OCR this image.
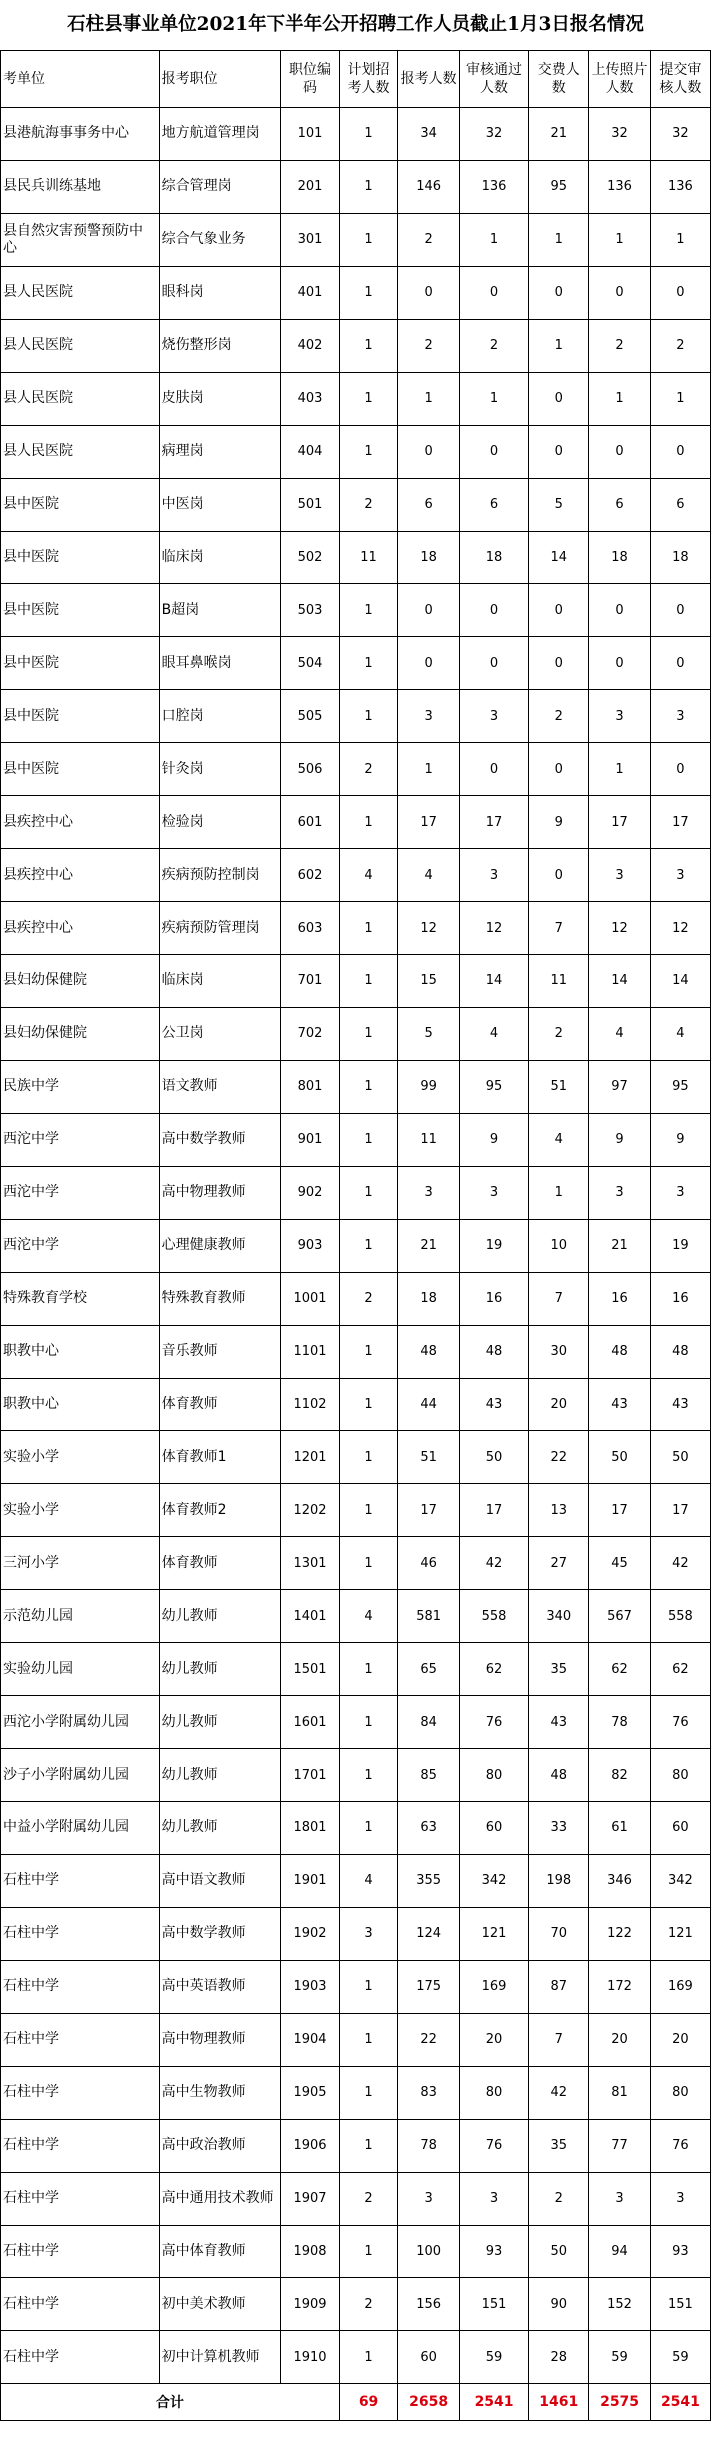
石柱县事业单位2021年下半年公开招聘工作人员截止1月3日报名情况
考单位	报考职位	职位编码	计划招考人数	报考人数	审核通过人数	交费人数	上传照片人数	提交审核人数
县港航海事事务中心	地方航道管理岗	101	1	34	32	21	32	32
县民兵训练基地	综合管理岗	201	1	146	136	95	136	136
县自然灾害预警预防中心	综合气象业务	301	1	2	1	1	1	1
县人民医院	眼科岗	401	1	0	0	0	0	0
县人民医院	烧伤整形岗	402	1	2	2	1	2	2
县人民医院	皮肤岗	403	1	1	1	0	1	1
县人民医院	病理岗	404	1	0	0	0	0	0
县中医院	中医岗	501	2	6	6	5	6	6
县中医院	临床岗	502	11	18	18	14	18	18
县中医院	B超岗	503	1	0	0	0	0	0
县中医院	眼耳鼻喉岗	504	1	0	0	0	0	0
县中医院	口腔岗	505	1	3	3	2	3	3
县中医院	针灸岗	506	2	1	0	0	1	0
县疾控中心	检验岗	601	1	17	17	9	17	17
县疾控中心	疾病预防控制岗	602	4	4	3	0	3	3
县疾控中心	疾病预防管理岗	603	1	12	12	7	12	12
县妇幼保健院	临床岗	701	1	15	14	11	14	14
县妇幼保健院	公卫岗	702	1	5	4	2	4	4
民族中学	语文教师	801	1	99	95	51	97	95
西沱中学	高中数学教师	901	1	11	9	4	9	9
西沱中学	高中物理教师	902	1	3	3	1	3	3
西沱中学	心理健康教师	903	1	21	19	10	21	19
特殊教育学校	特殊教育教师	1001	2	18	16	7	16	16
职教中心	音乐教师	1101	1	48	48	30	48	48
职教中心	体育教师	1102	1	44	43	20	43	43
实验小学	体育教师1	1201	1	51	50	22	50	50
实验小学	体育教师2	1202	1	17	17	13	17	17
三河小学	体育教师	1301	1	46	42	27	45	42
示范幼儿园	幼儿教师	1401	4	581	558	340	567	558
实验幼儿园	幼儿教师	1501	1	65	62	35	62	62
西沱小学附属幼儿园	幼儿教师	1601	1	84	76	43	78	76
沙子小学附属幼儿园	幼儿教师	1701	1	85	80	48	82	80
中益小学附属幼儿园	幼儿教师	1801	1	63	60	33	61	60
石柱中学	高中语文教师	1901	4	355	342	198	346	342
石柱中学	高中数学教师	1902	3	124	121	70	122	121
石柱中学	高中英语教师	1903	1	175	169	87	172	169
石柱中学	高中物理教师	1904	1	22	20	7	20	20
石柱中学	高中生物教师	1905	1	83	80	42	81	80
石柱中学	高中政治教师	1906	1	78	76	35	77	76
石柱中学	高中通用技术教师	1907	2	3	3	2	3	3
石柱中学	高中体育教师	1908	1	100	93	50	94	93
石柱中学	初中美术教师	1909	2	156	151	90	152	151
石柱中学	初中计算机教师	1910	1	60	59	28	59	59
合计			69	2658	2541	1461	2575	2541
